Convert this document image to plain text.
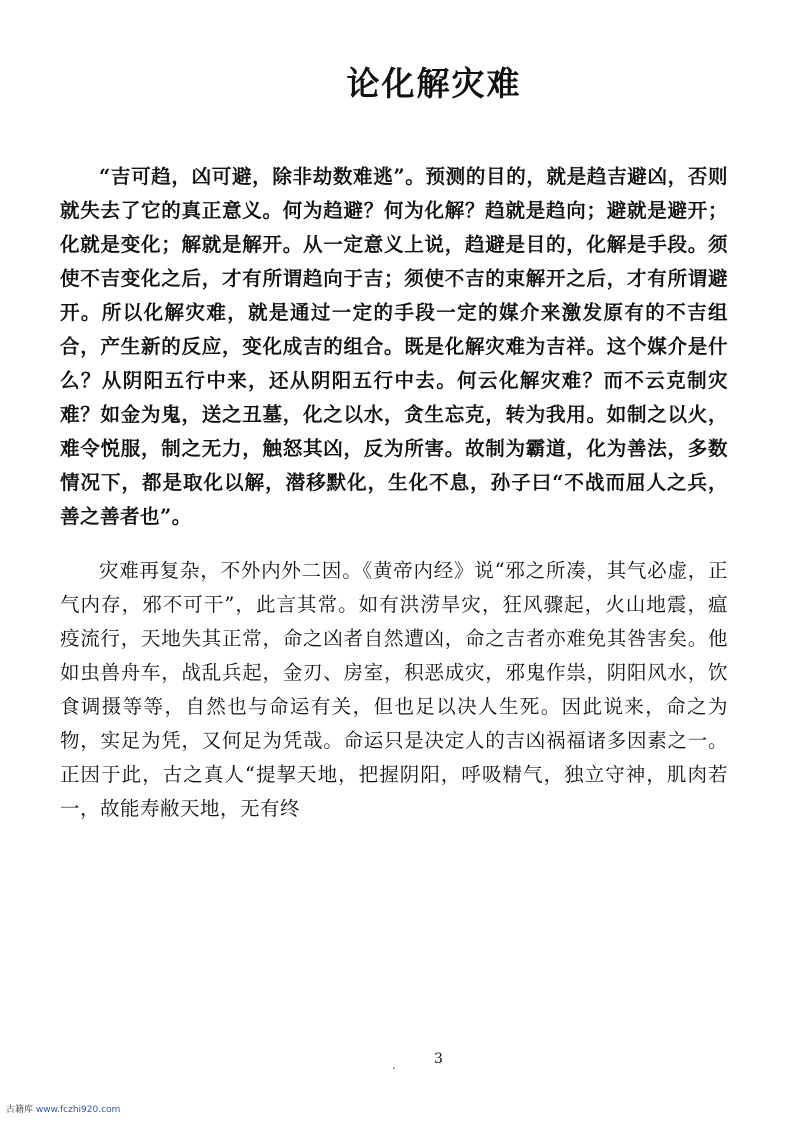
论化解灾难

“吉可趋，凶可避，除非劫数难逃”。预测的目的，就是趋吉避凶，否则就失去了它的真正意义。何为趋避？何为化解？趋就是趋向；避就是避开；化就是变化；解就是解开。从一定意义上说，趋避是目的，化解是手段。须使不吉变化之后，才有所谓趋向于吉；须使不吉的束解开之后，才有所谓避开。所以化解灾难，就是通过一定的手段一定的媒介来激发原有的不吉组合，产生新的反应，变化成吉的组合。既是化解灾难为吉祥。这个媒介是什么？从阴阳五行中来，还从阴阳五行中去。何云化解灾难？而不云克制灾难？如金为鬼，送之丑墓，化之以水，贪生忘克，转为我用。如制之以火，难令悦服，制之无力，触怒其凶，反为所害。故制为霸道，化为善法，多数情况下，都是取化以解，潜移默化，生化不息，孙子曰“不战而屈人之兵，善之善者也”。

灾难再复杂，不外内外二因。《黄帝内经》说“邪之所凑，其气必虚，正气内存，邪不可干”，此言其常。如有洪涝旱灾，狂风骤起，火山地震，瘟疫流行，天地失其正常，命之凶者自然遭凶，命之吉者亦难免其咎害矣。他如虫兽舟车，战乱兵起，金刃、房室，积恶成灾，邪鬼作祟，阴阳风水，饮食调摄等等，自然也与命运有关，但也足以决人生死。因此说来，命之为物，实足为凭，又何足为凭哉。命运只是决定人的吉凶祸福诸多因素之一。正因于此，古之真人“提挈天地，把握阴阳，呼吸精气，独立守神，肌肉若一，故能寿敝天地，无有终

.	3
古籍库 www.fczhi920.com
